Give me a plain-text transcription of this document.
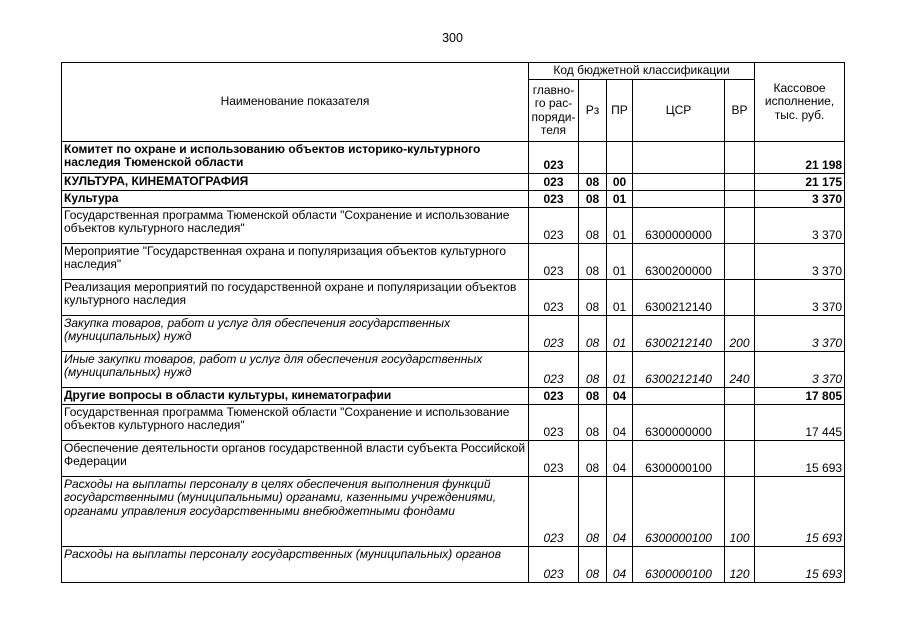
300
Наименование показателя	Код бюджетной классификации					Кассовое исполнение, тыс. руб.
	главно-го рас-поряди-теля	Рз	ПР	ЦСР	ВР	
Комитет по охране и использованию объектов историко-культурного наследия Тюменской области	023					21 198
КУЛЬТУРА, КИНЕМАТОГРАФИЯ	023	08	00			21 175
Культура	023	08	01			3 370
Государственная программа Тюменской области "Сохранение и использование объектов культурного наследия"	023	08	01	6300000000		3 370
Мероприятие "Государственная охрана и популяризация объектов культурного наследия"	023	08	01	6300200000		3 370
Реализация мероприятий по государственной охране и популяризации объектов культурного наследия	023	08	01	6300212140		3 370
Закупка товаров, работ и услуг для обеспечения государственных (муниципальных) нужд	023	08	01	6300212140	200	3 370
Иные закупки товаров, работ и услуг для обеспечения государственных (муниципальных) нужд	023	08	01	6300212140	240	3 370
Другие вопросы в области культуры, кинематографии	023	08	04			17 805
Государственная программа Тюменской области "Сохранение и использование объектов культурного наследия"	023	08	04	6300000000		17 445
Обеспечение деятельности органов государственной власти субъекта Российской Федерации	023	08	04	6300000100		15 693
Расходы на выплаты персоналу в целях обеспечения выполнения функций государственными (муниципальными) органами, казенными учреждениями, органами управления государственными внебюджетными фондами	023	08	04	6300000100	100	15 693
Расходы на выплаты персоналу государственных (муниципальных) органов	023	08	04	6300000100	120	15 693
